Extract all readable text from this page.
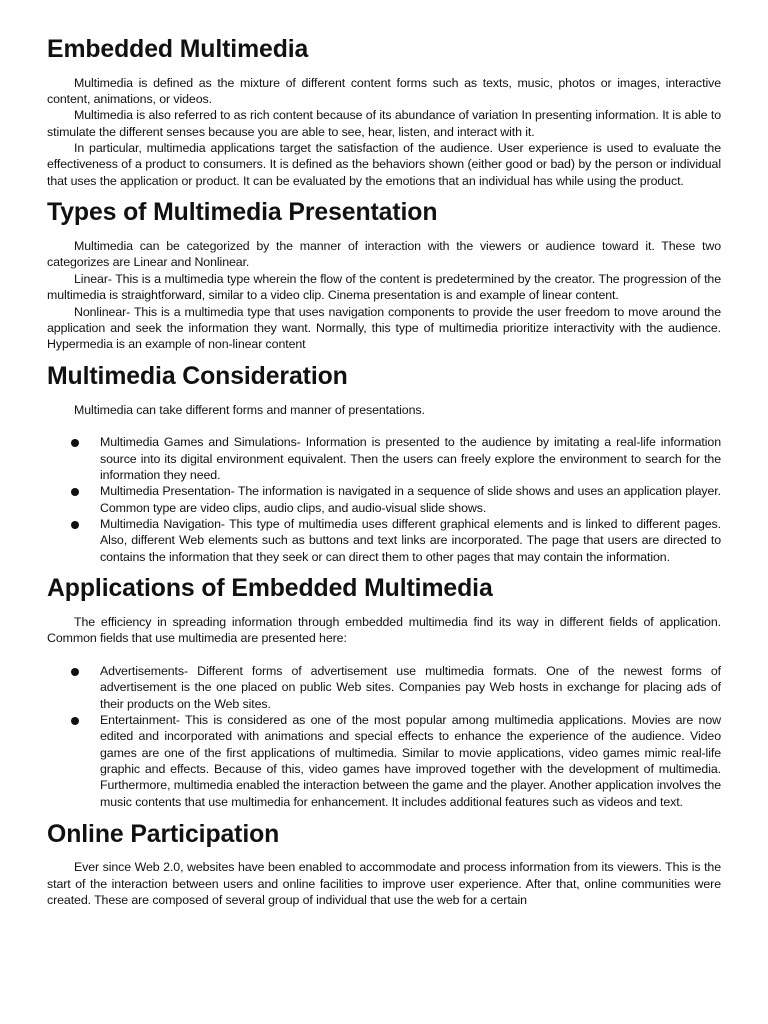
Embedded Multimedia

Multimedia is defined as the mixture of different content forms such as texts, music, photos or images, interactive content, animations, or videos.

Multimedia is also referred to as rich content because of its abundance of variation In presenting information. It is able to stimulate the different senses because you are able to see, hear, listen, and interact with it.

In particular, multimedia applications target the satisfaction of the audience. User experience is used to evaluate the effectiveness of a product to consumers. It is defined as the behaviors shown (either good or bad) by the person or individual that uses the application or product. It can be evaluated by the emotions that an individual has while using the product.

Types of Multimedia Presentation

Multimedia can be categorized by the manner of interaction with the viewers or audience toward it. These two categorizes are Linear and Nonlinear.

Linear- This is a multimedia type wherein the flow of the content is predetermined by the creator. The progression of the multimedia is straightforward, similar to a video clip. Cinema presentation is and example of linear content.

Nonlinear- This is a multimedia type that uses navigation components to provide the user freedom to move around the application and seek the information they want. Normally, this type of multimedia prioritize interactivity with the audience. Hypermedia is an example of non-linear content

Multimedia Consideration

Multimedia can take different forms and manner of presentations.

Multimedia Games and Simulations- Information is presented to the audience by imitating a real-life information source into its digital environment equivalent. Then the users can freely explore the environment to search for the information they need.
Multimedia Presentation- The information is navigated in a sequence of slide shows and uses an application player. Common type are video clips, audio clips, and audio-visual slide shows.
Multimedia Navigation- This type of multimedia uses different graphical elements and is linked to different pages. Also, different Web elements such as buttons and text links are incorporated. The page that users are directed to contains the information that they seek or can direct them to other pages that may contain the information.
Applications of Embedded Multimedia

The efficiency in spreading information through embedded multimedia find its way in different fields of application. Common fields that use multimedia are presented here:

Advertisements- Different forms of advertisement use multimedia formats. One of the newest forms of advertisement is the one placed on public Web sites. Companies pay Web hosts in exchange for placing ads of their products on the Web sites.
Entertainment- This is considered as one of the most popular among multimedia applications. Movies are now edited and incorporated with animations and special effects to enhance the experience of the audience. Video games are one of the first applications of multimedia. Similar to movie applications, video games mimic real-life graphic and effects. Because of this, video games have improved together with the development of multimedia. Furthermore, multimedia enabled the interaction between the game and the player. Another application involves the music contents that use multimedia for enhancement. It includes additional features such as videos and text.
Online Participation

Ever since Web 2.0, websites have been enabled to accommodate and process information from its viewers. This is the start of the interaction between users and online facilities to improve user experience. After that, online communities were created. These are composed of several group of individual that use the web for a certain
